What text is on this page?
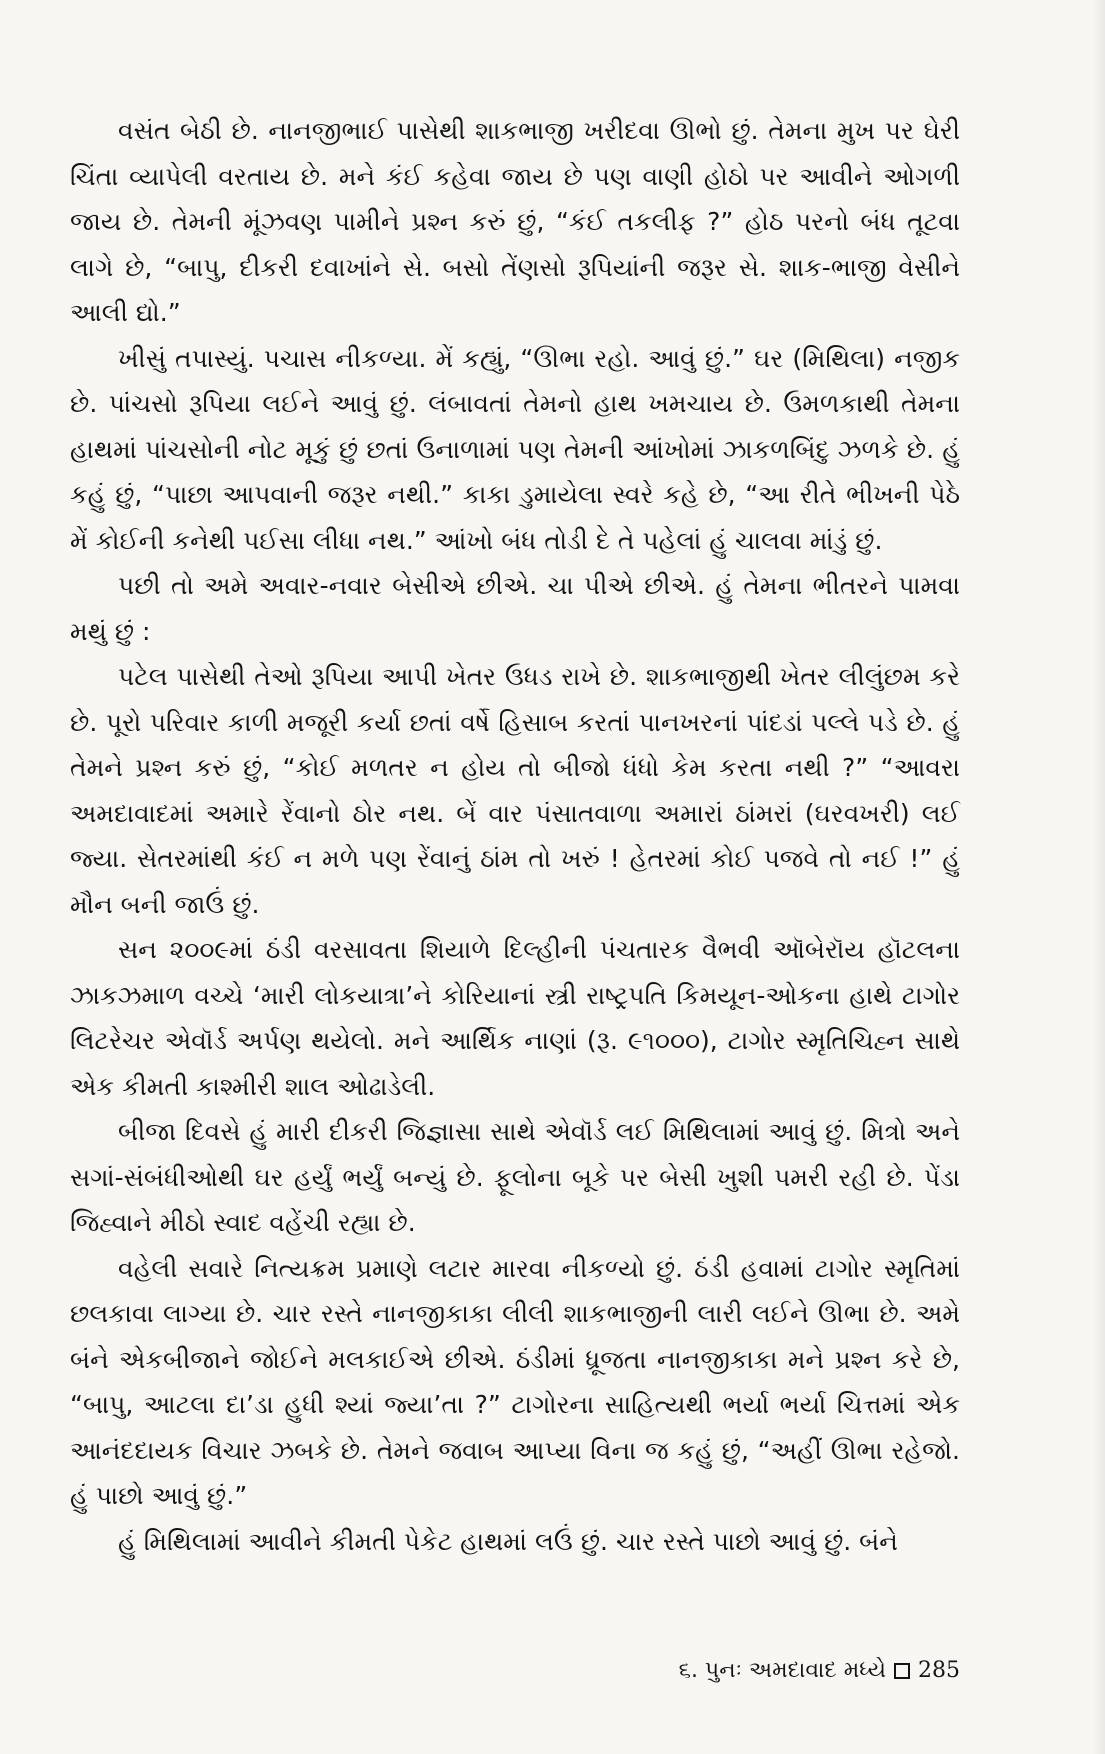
વસંત બેઠી છે. નાનજીભાઈ પાસેથી શાકભાજી ખરીદવા ઊભો છું. તેમના મુખ પર ઘેરી ચિંતા વ્યાપેલી વરતાય છે. મને કંઈ કહેવા જાય છે પણ વાણી હોઠો પર આવીને ઓગળી જાય છે. તેમની મૂંઝવણ પામીને પ્રશ્ન કરું છું, “કંઈ તકલીફ ?” હોઠ પરનો બંધ તૂટવા લાગે છે, “બાપુ, દીકરી દવાખાંને સે. બસો તેંણસો રૂપિયાંની જરૂર સે. શાક-ભાજી વેસીને આલી દ્યો.”

ખીસું તપાસ્યું. પચાસ નીકળ્યા. મેં કહ્યું, “ઊભા રહો. આવું છું.” ઘર (મિથિલા) નજીક છે. પાંચસો રૂપિયા લઈને આવું છું. લંબાવતાં તેમનો હાથ ખમચાય છે. ઉમળકાથી તેમના હાથમાં પાંચસોની નોટ મૂકું છું છતાં ઉનાળામાં પણ તેમની આંખોમાં ઝાકળબિંદુ ઝળકે છે. હું કહું છું, “પાછા આપવાની જરૂર નથી.” કાકા ડુમાયેલા સ્વરે કહે છે, “આ રીતે ભીખની પેઠે મેં કોઈની કનેથી પઈસા લીધા નથ.” આંખો બંધ તોડી દે તે પહેલાં હું ચાલવા માંડું છું.

પછી તો અમે અવાર-નવાર બેસીએ છીએ. ચા પીએ છીએ. હું તેમના ભીતરને પામવા મથું છું :

પટેલ પાસેથી તેઓ રૂપિયા આપી ખેતર ઉધડ રાખે છે. શાકભાજીથી ખેતર લીલુંછમ કરે છે. પૂરો પરિવાર કાળી મજૂરી કર્યા છતાં વર્ષે હિસાબ કરતાં પાનખરનાં પાંદડાં પલ્લે પડે છે. હું તેમને પ્રશ્ન કરું છું, “કોઈ મળતર ન હોય તો બીજો ધંધો કેમ કરતા નથી ?” “આવરા અમદાવાદમાં અમારે રેંવાનો ઠોર નથ. બેં વાર પંસાતવાળા અમારાં ઠાંમરાં (ઘરવખરી) લઈ જ્યા. સેતરમાંથી કંઈ ન મળે પણ રેંવાનું ઠાંમ તો ખરું ! હેતરમાં કોઈ પજવે તો નઈ !” હું મૌન બની જાઉં છું.

સન ૨૦૦૯માં ઠંડી વરસાવતા શિયાળે દિલ્હીની પંચતારક વૈભવી ઑબેરૉય હૉટલના ઝાકઝમાળ વચ્ચે ‘મારી લોકયાત્રા’ને કોરિયાનાં સ્ત્રી રાષ્ટ્રપતિ કિમયૂન-ઓકના હાથે ટાગોર લિટરેચર એવૉર્ડ અર્પણ થયેલો. મને આર્થિક નાણાં (રૂ. ૯૧૦૦૦), ટાગોર સ્મૃતિચિહ્ન સાથે એક કીમતી કાશ્મીરી શાલ ઓઢાડેલી.

બીજા દિવસે હું મારી દીકરી જિજ્ઞાસા સાથે એવૉર્ડ લઈ મિથિલામાં આવું છું. મિત્રો અને સગાં-સંબંધીઓથી ઘર હર્યું ભર્યું બન્યું છે. ફૂલોના બૂકે પર બેસી ખુશી પમરી રહી છે. પેંડા જિહ્વાને મીઠો સ્વાદ વહેંચી રહ્યા છે.

વહેલી સવારે નિત્યક્રમ પ્રમાણે લટાર મારવા નીકળ્યો છું. ઠંડી હવામાં ટાગોર સ્મૃતિમાં છલકાવા લાગ્યા છે. ચાર રસ્તે નાનજીકાકા લીલી શાકભાજીની લારી લઈને ઊભા છે. અમે બંને એકબીજાને જોઈને મલકાઈએ છીએ. ઠંડીમાં ધ્રૂજતા નાનજીકાકા મને પ્રશ્ન કરે છે, “બાપુ, આટલા દા’ડા હુધી શ્યાં જ્યા’તા ?” ટાગોરના સાહિત્યથી ભર્યા ભર્યા ચિત્તમાં એક આનંદદાયક વિચાર ઝબકે છે. તેમને જવાબ આપ્યા વિના જ કહું છું, “અહીં ઊભા રહેજો. હું પાછો આવું છું.”

હું મિથિલામાં આવીને કીમતી પેકેટ હાથમાં લઉં છું. ચાર રસ્તે પાછો આવું છું. બંને

૬. પુનઃ અમદાવાદ મધ્યે 285
